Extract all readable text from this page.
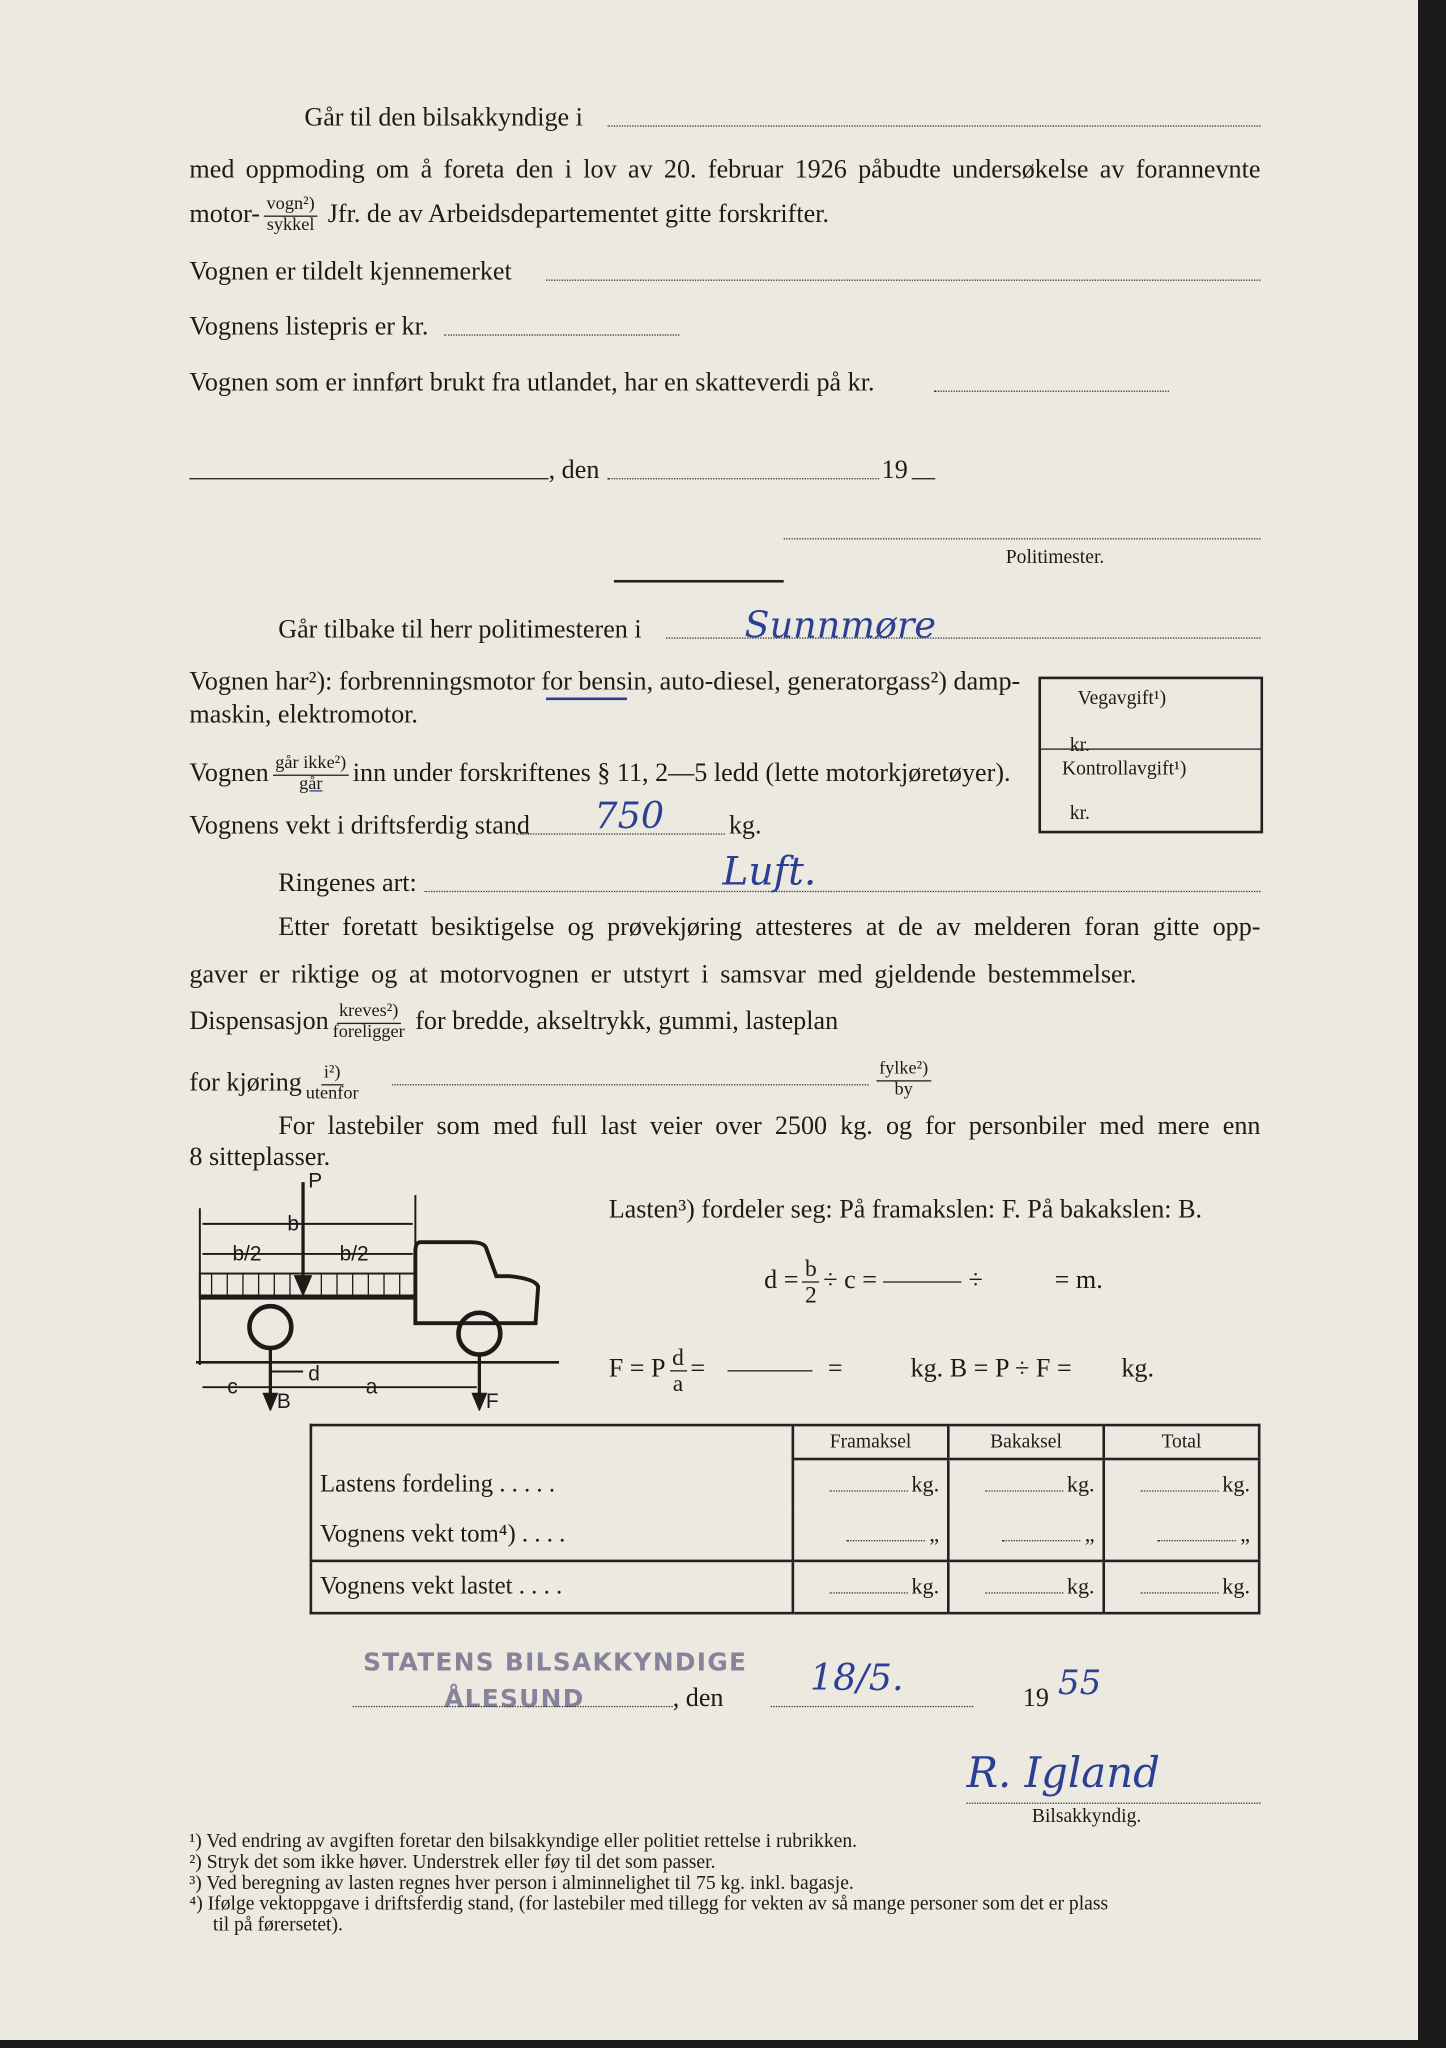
Går til den bilsakkyndige i
med oppmoding om å foreta den i lov av 20. februar 1926 påbudte undersøkelse av forannevnte
motor- $\frac{\text{vogn²)}}{\text{sykkel}}$ Jfr. de av Arbeidsdepartementet gitte forskrifter.
Vognen er tildelt kjennemerket
Vognens listepris er kr.
Vognen som er innført brukt fra utlandet, har en skatteverdi på kr.
, den	19
Politimester.
Går tilbake til herr politimesteren i	Sunnmøre
Vognen har²): forbrenningsmotor for bensin, auto-diesel, generatorgass²) damp-
maskin, elektromotor.
Vegavgift¹)
kr.
Kontrollavgift¹)
kr.
Vognen $\frac{\text{går ikke²)}}{\text{går}}$ inn under forskriftenes § 11, 2—5 ledd (lette motorkjøretøyer).
Vognens vekt i driftsferdig stand 750	kg.
Ringenes art:	Luft.
Etter foretatt besiktigelse og prøvekjøring attesteres at de av melderen foran gitte opp-
gaver er riktige og at motorvognen er utstyrt i samsvar med gjeldende bestemmelser.
Dispensasjon $\frac{\text{kreves²)}}{\text{foreligger}}$ for bredde, akseltrykk, gummi, lasteplan
for kjøring $\frac{\text{i²)}}{\text{utenfor}}$	$\frac{\text{fylke²)}}{by}$
For lastebiler som med full last veier over 2500 kg. og for personbiler med mere enn
8 sitteplasser.
P
b
b/2	b/2
d
c	a
B	F
Lasten³) fordeler seg: På framakslen: F. På bakakslen: B.
$d = \frac{b}{2} \div c$ =	÷	= m.
F = P $\frac{d}{a}$ =	=	kg. B = P ÷ F = kg.
	Framaksel	Bakaksel	Total
Lastens fordeling . . . . .	kg.	kg.	kg.
Vognens vekt tom⁴) . . . .	„	„	„
Vognens vekt lastet . . . .	kg.	kg.	kg.
STATENS BILSAKKYNDIGE
ÅLESUND	, den	18/5.	19 55
R. Igland
Bilsakkyndig.
¹) Ved endring av avgiften foretar den bilsakkyndige eller politiet rettelse i rubrikken.
²) Stryk det som ikke høver. Understrek eller føy til det som passer.
³) Ved beregning av lasten regnes hver person i alminnelighet til 75 kg. inkl. bagasje.
⁴) Ifølge vektoppgave i driftsferdig stand, (for lastebiler med tillegg for vekten av så mange personer som det er plass
til på førersetet).
